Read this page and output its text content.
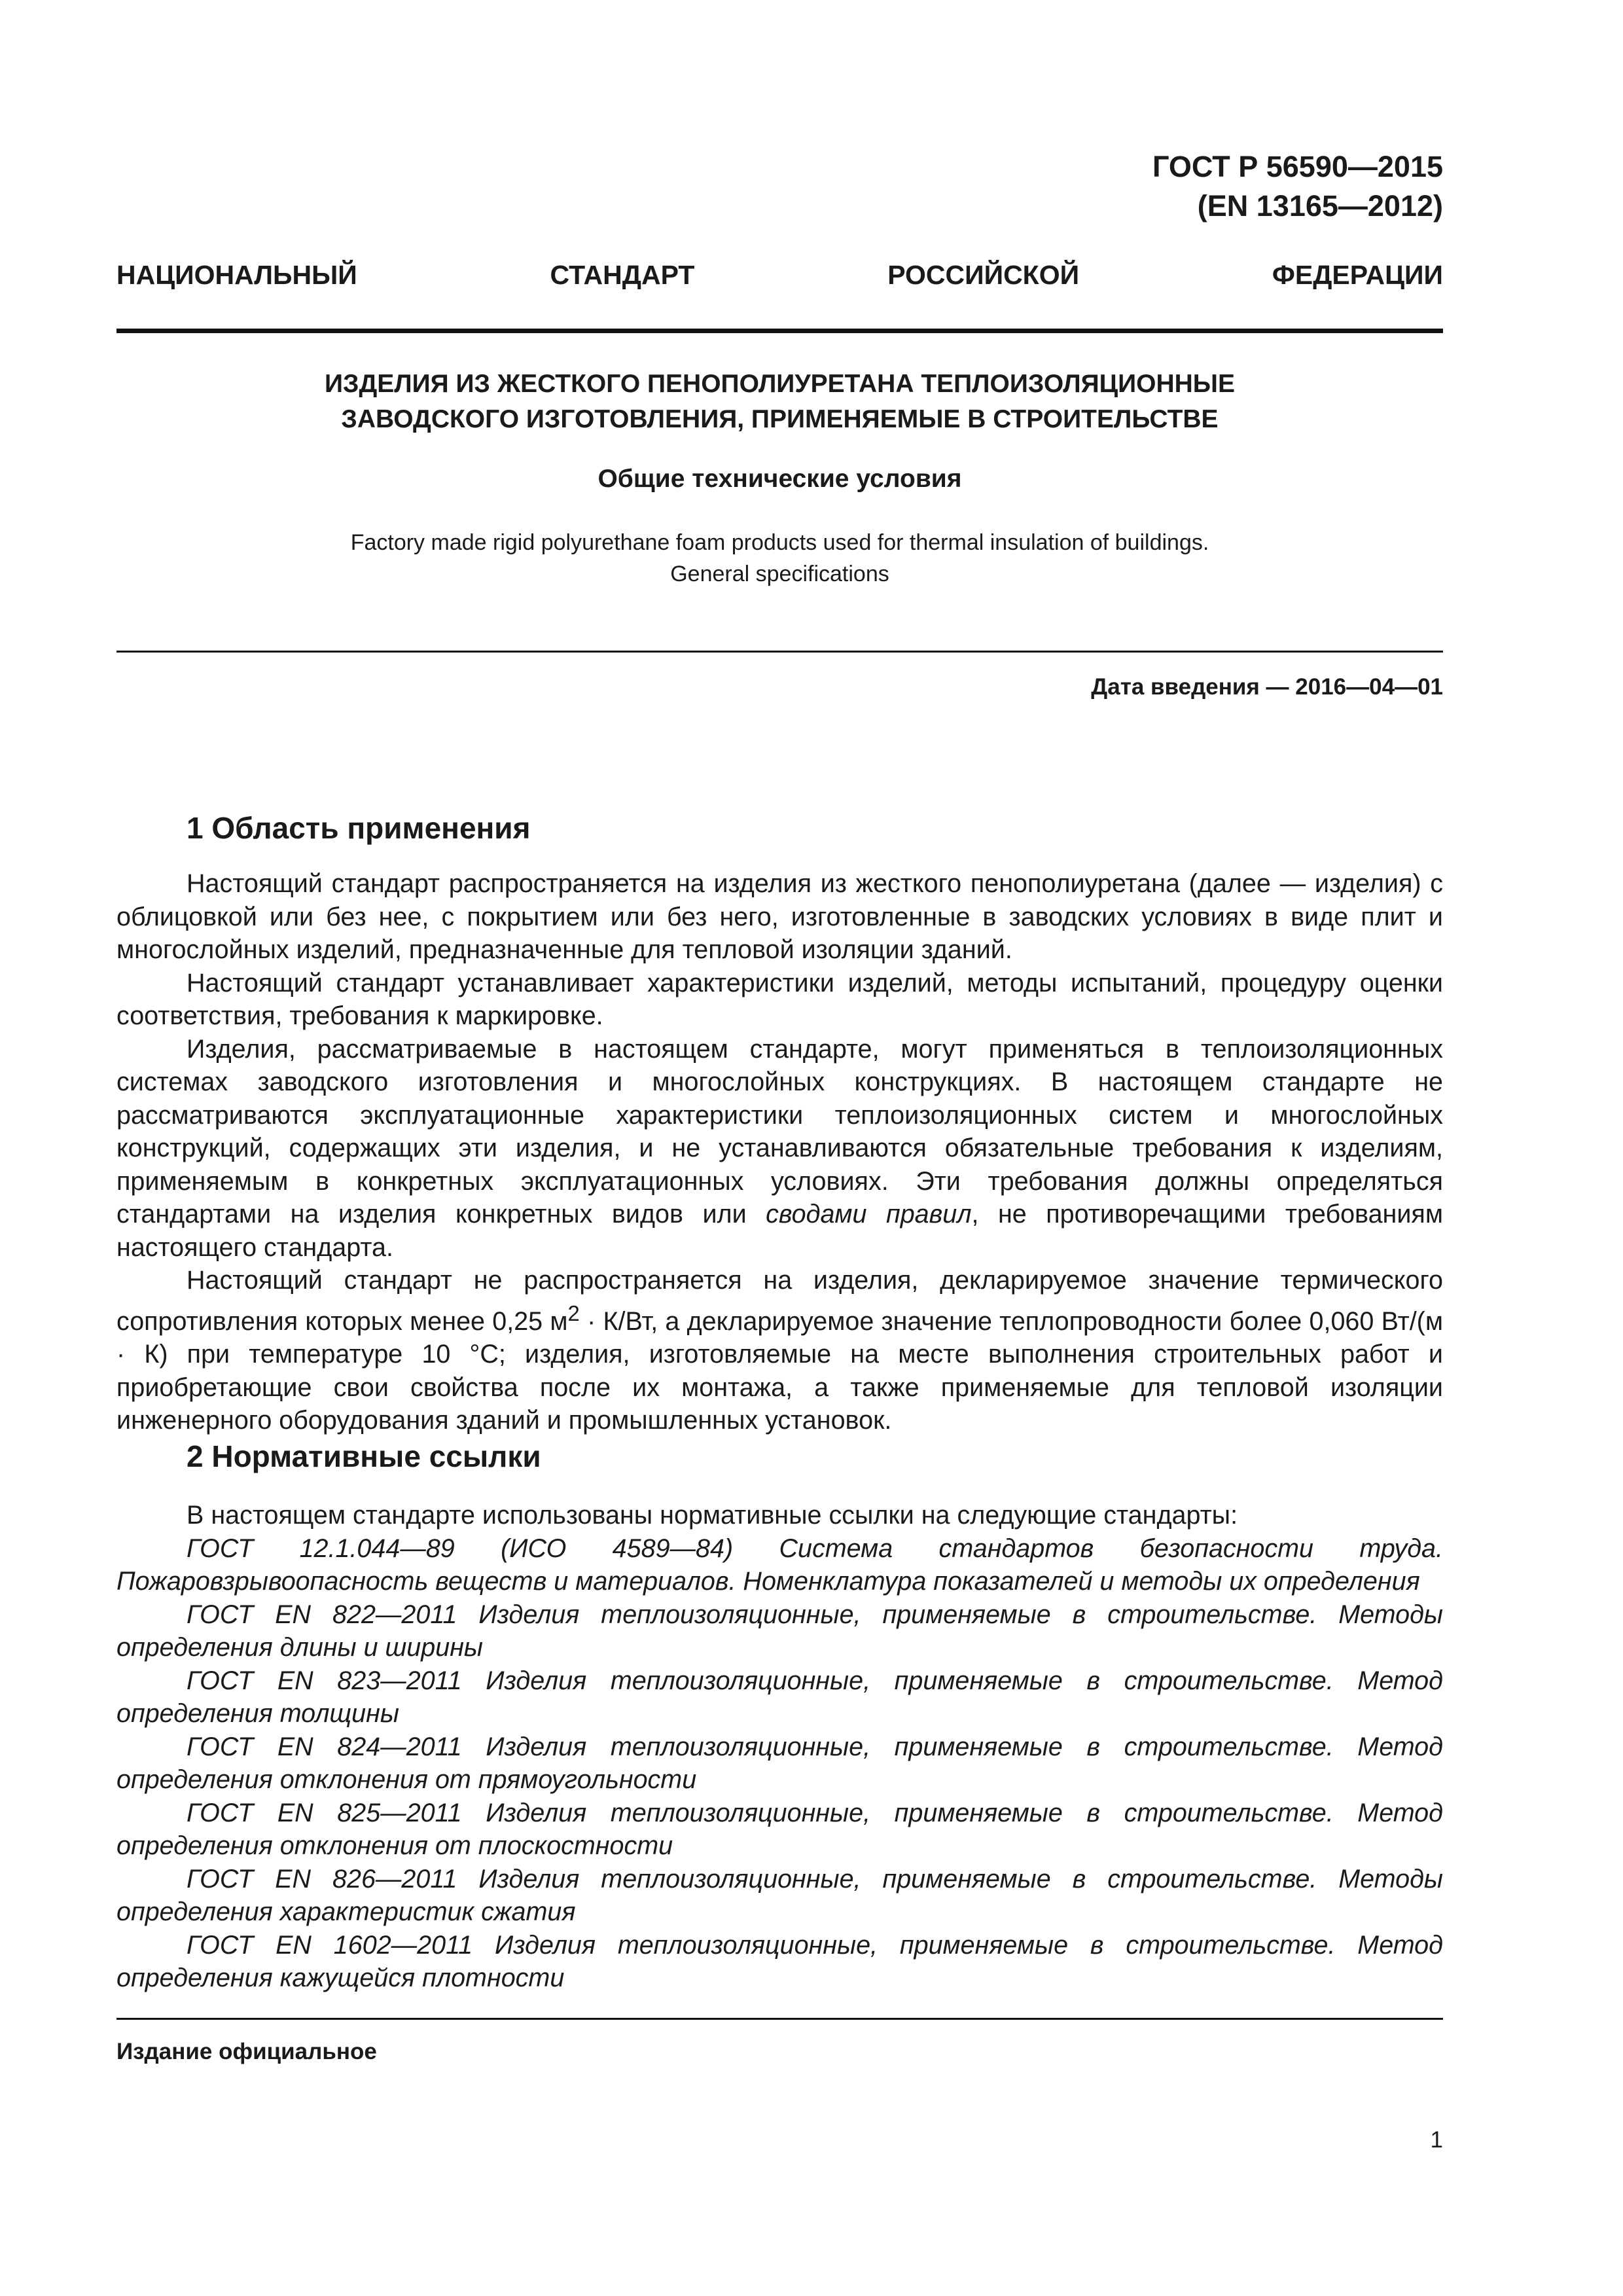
ГОСТ Р 56590—2015
(EN 13165—2012)
НАЦИОНАЛЬНЫЙ СТАНДАРТ РОССИЙСКОЙ ФЕДЕРАЦИИ
ИЗДЕЛИЯ ИЗ ЖЕСТКОГО ПЕНОПОЛИУРЕТАНА ТЕПЛОИЗОЛЯЦИОННЫЕ
ЗАВОДСКОГО ИЗГОТОВЛЕНИЯ, ПРИМЕНЯЕМЫЕ В СТРОИТЕЛЬСТВЕ
Общие технические условия
Factory made rigid polyurethane foam products used for thermal insulation of buildings.
General specifications
Дата введения — 2016—04—01
1 Область применения

Настоящий стандарт распространяется на изделия из жесткого пенополиуретана (далее — изделия) с облицовкой или без нее, с покрытием или без него, изготовленные в заводских условиях в виде плит и многослойных изделий, предназначенные для тепловой изоляции зданий.

Настоящий стандарт устанавливает характеристики изделий, методы испытаний, процедуру оценки соответствия, требования к маркировке.

Изделия, рассматриваемые в настоящем стандарте, могут применяться в теплоизоляционных системах заводского изготовления и многослойных конструкциях. В настоящем стандарте не рассматриваются эксплуатационные характеристики теплоизоляционных систем и многослойных конструкций, содержащих эти изделия, и не устанавливаются обязательные требования к изделиям, применяемым в конкретных эксплуатационных условиях. Эти требования должны определяться стандартами на изделия конкретных видов или сводами правил, не противоречащими требованиям настоящего стандарта.

Настоящий стандарт не распространяется на изделия, декларируемое значение термического сопротивления которых менее 0,25 $м^2 \cdot К/Вт$, а декларируемое значение теплопроводности более 0,060 Вт/(м · К) при температуре 10 °С; изделия, изготовляемые на месте выполнения строительных работ и приобретающие свои свойства после их монтажа, а также применяемые для тепловой изоляции инженерного оборудования зданий и промышленных установок.

2 Нормативные ссылки

В настоящем стандарте использованы нормативные ссылки на следующие стандарты:

ГОСТ 12.1.044—89 (ИСО 4589—84) Система стандартов безопасности труда. Пожаровзрывоопасность веществ и материалов. Номенклатура показателей и методы их определения

ГОСТ EN 822—2011 Изделия теплоизоляционные, применяемые в строительстве. Методы определения длины и ширины

ГОСТ EN 823—2011 Изделия теплоизоляционные, применяемые в строительстве. Метод определения толщины

ГОСТ EN 824—2011 Изделия теплоизоляционные, применяемые в строительстве. Метод определения отклонения от прямоугольности

ГОСТ EN 825—2011 Изделия теплоизоляционные, применяемые в строительстве. Метод определения отклонения от плоскостности

ГОСТ EN 826—2011 Изделия теплоизоляционные, применяемые в строительстве. Методы определения характеристик сжатия

ГОСТ EN 1602—2011 Изделия теплоизоляционные, применяемые в строительстве. Метод определения кажущейся плотности

Издание официальное
1
